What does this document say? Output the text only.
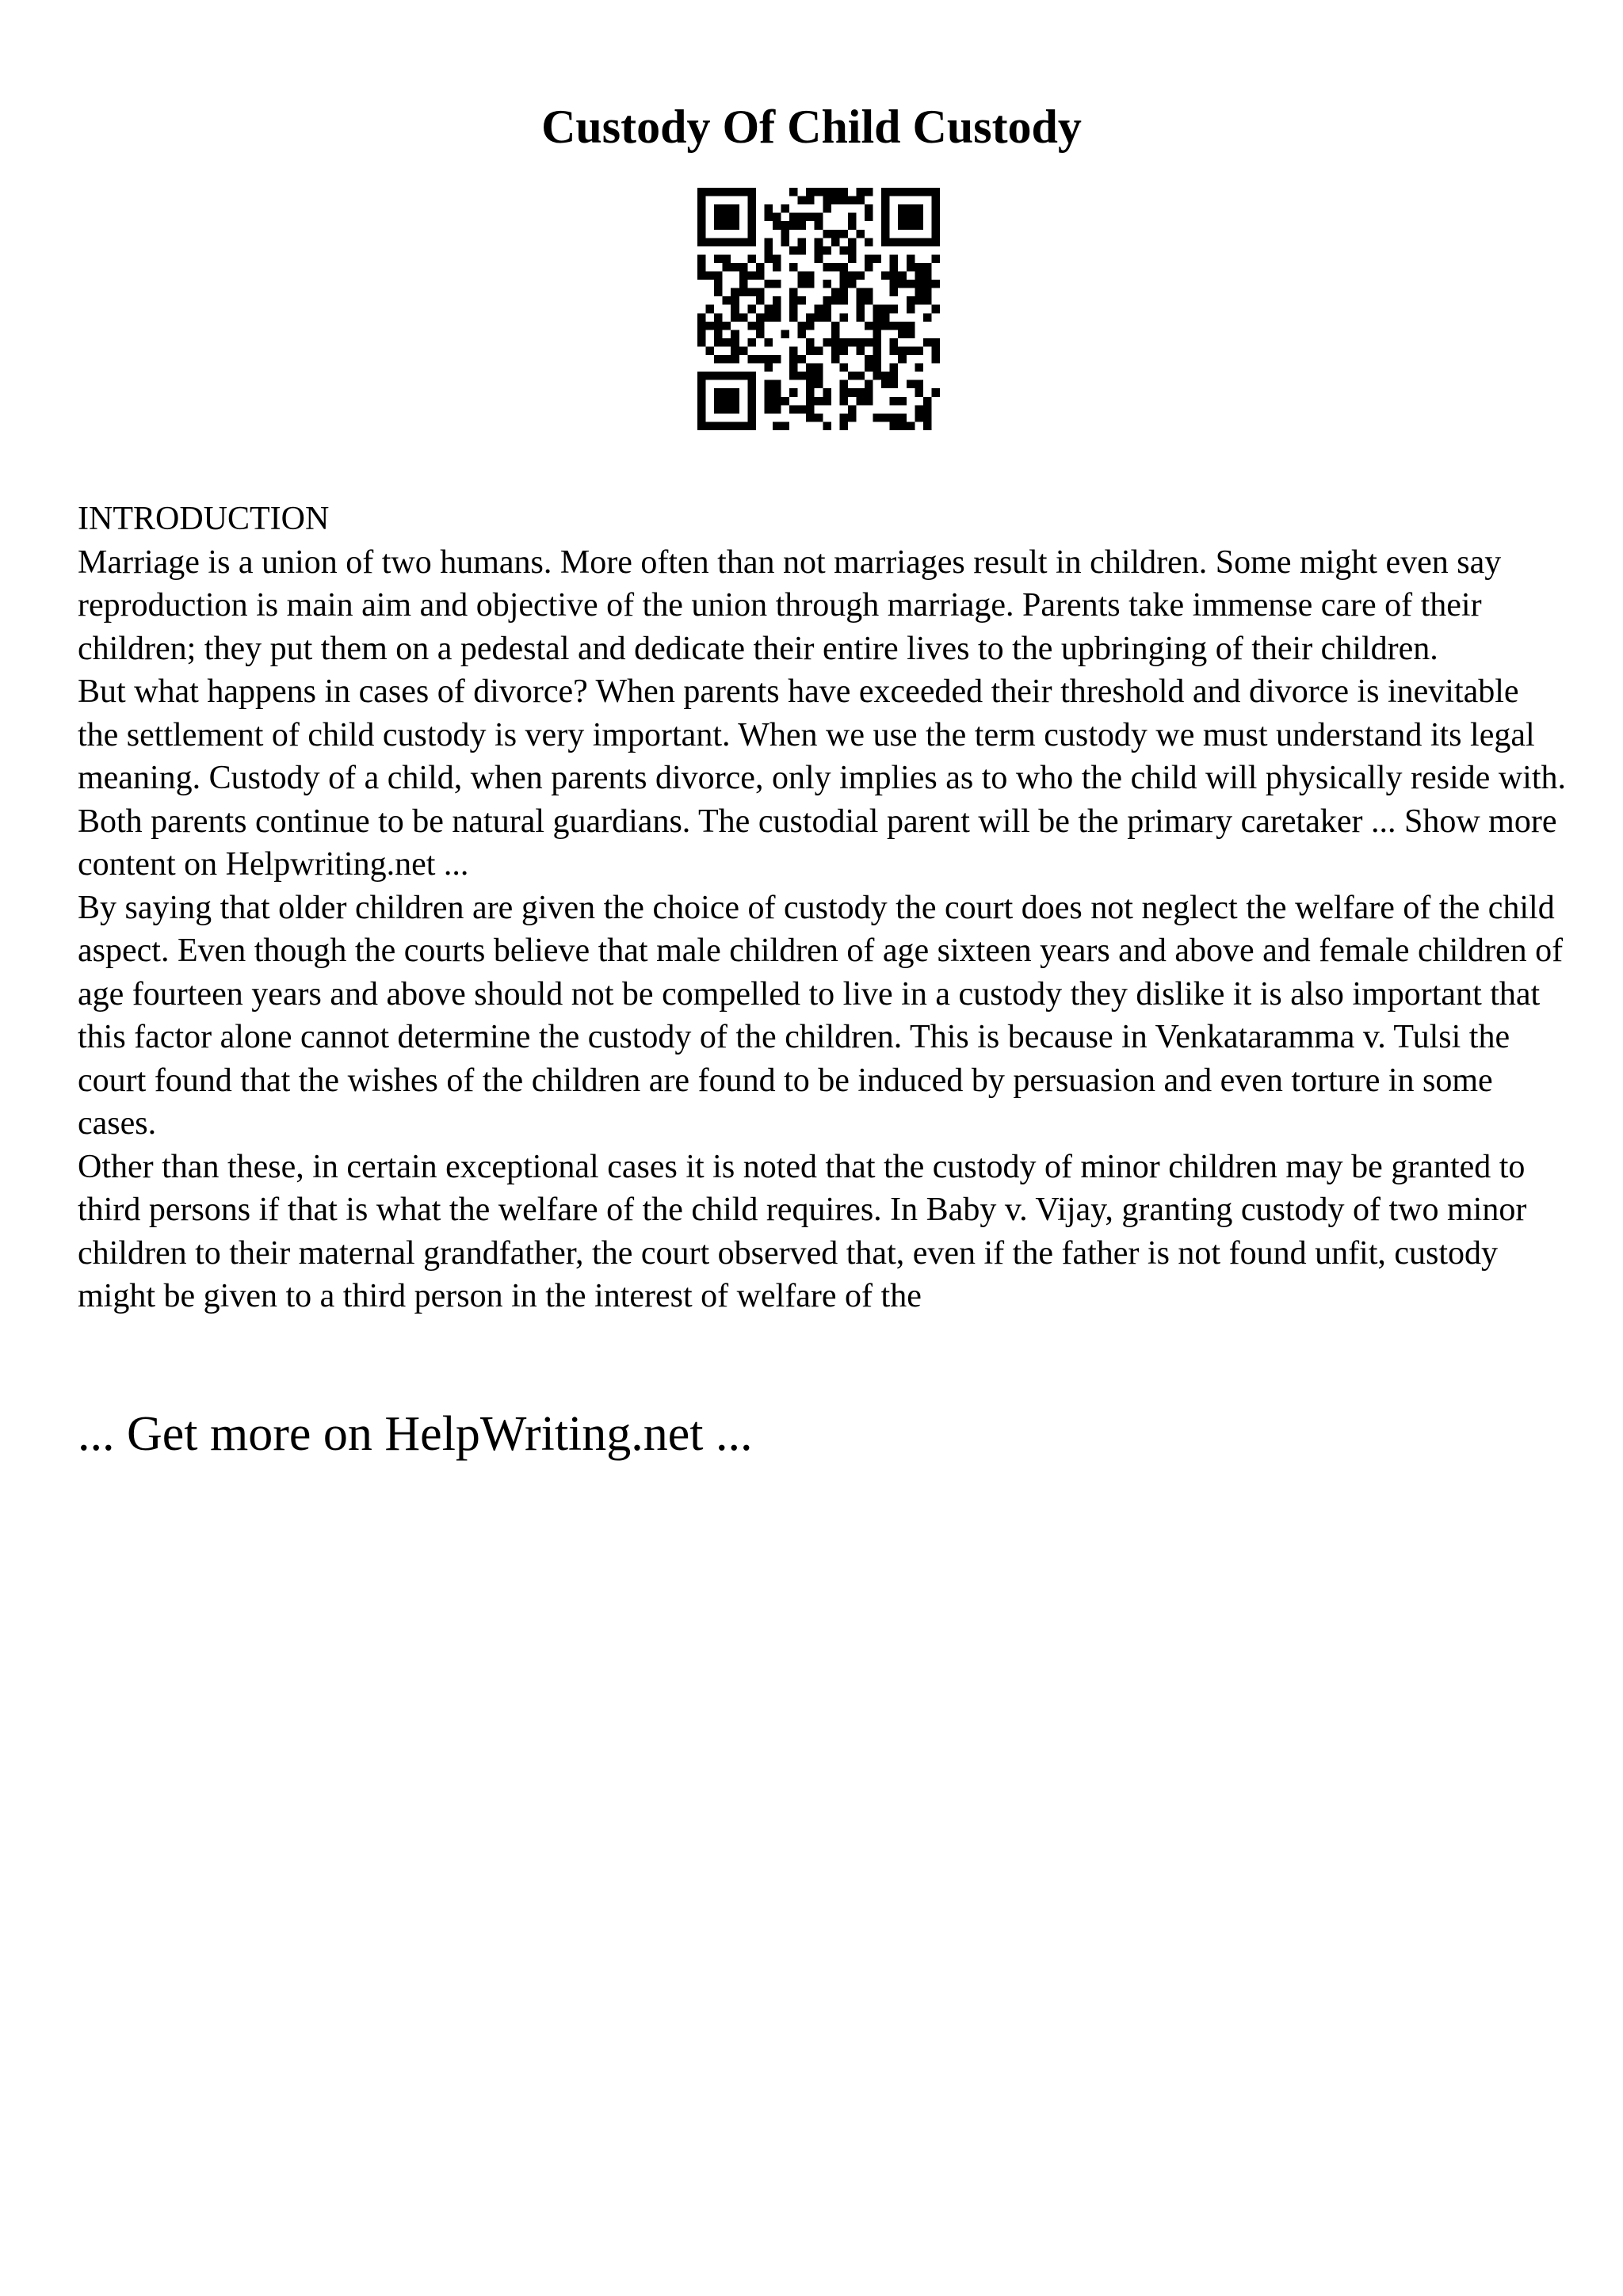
Custody Of Child Custody

INTRODUCTION

Marriage is a union of two humans. More often than not marriages result in children. Some might even say reproduction is main aim and objective of the union through marriage. Parents take immense care of their children; they put them on a pedestal and dedicate their entire lives to the upbringing of their children.

But what happens in cases of divorce? When parents have exceeded their threshold and divorce is inevitable the settlement of child custody is very important. When we use the term custody we must understand its legal meaning. Custody of a child, when parents divorce, only implies as to who the child will physically reside with. Both parents continue to be natural guardians. The custodial parent will be the primary caretaker ... Show more content on Helpwriting.net ...

By saying that older children are given the choice of custody the court does not neglect the welfare of the child aspect. Even though the courts believe that male children of age sixteen years and above and female children of age fourteen years and above should not be compelled to live in a custody they dislike it is also important that this factor alone cannot determine the custody of the children. This is because in Venkataramma v. Tulsi the court found that the wishes of the children are found to be induced by persuasion and even torture in some cases.

Other than these, in certain exceptional cases it is noted that the custody of minor children may be granted to third persons if that is what the welfare of the child requires. In Baby v. Vijay, granting custody of two minor children to their maternal grandfather, the court observed that, even if the father is not found unfit, custody might be given to a third person in the interest of welfare of the

... Get more on HelpWriting.net ...
